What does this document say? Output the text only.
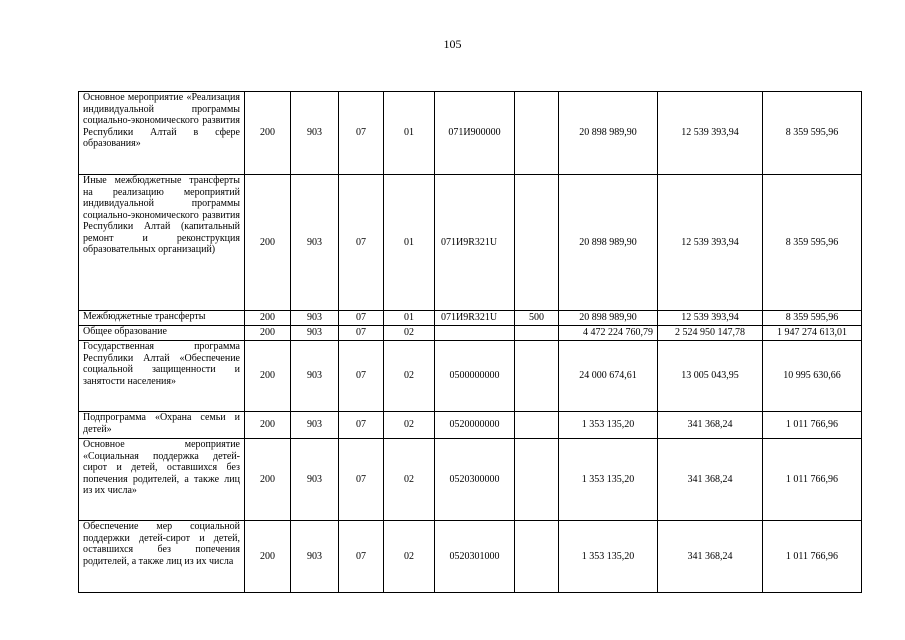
105
Основное мероприятие «Реализация индивидуальной программы социально-экономического развития Республики Алтай в сфере образования»	200	903	07	01	071И900000		20 898 989,90	12 539 393,94	8 359 595,96
Иные межбюджетные трансферты на реализацию мероприятий индивидуальной программы социально-экономического развития Республики Алтай (капитальный ремонт и реконструкция образовательных организаций)	200	903	07	01	071И9R321U		20 898 989,90	12 539 393,94	8 359 595,96
Межбюджетные трансферты	200	903	07	01	071И9R321U	500	20 898 989,90	12 539 393,94	8 359 595,96
Общее образование	200	903	07	02			4 472 224 760,79	2 524 950 147,78	1 947 274 613,01
Государственная программа Республики Алтай «Обеспечение социальной защищенности и занятости населения»	200	903	07	02	0500000000		24 000 674,61	13 005 043,95	10 995 630,66
Подпрограмма «Охрана семьи и детей»	200	903	07	02	0520000000		1 353 135,20	341 368,24	1 011 766,96
Основное мероприятие «Социальная поддержка детей-сирот и детей, оставшихся без попечения родителей, а также лиц из их числа»	200	903	07	02	0520300000		1 353 135,20	341 368,24	1 011 766,96
Обеспечение мер социальной поддержки детей-сирот и детей, оставшихся без попечения родителей, а также лиц из их числа	200	903	07	02	0520301000		1 353 135,20	341 368,24	1 011 766,96
